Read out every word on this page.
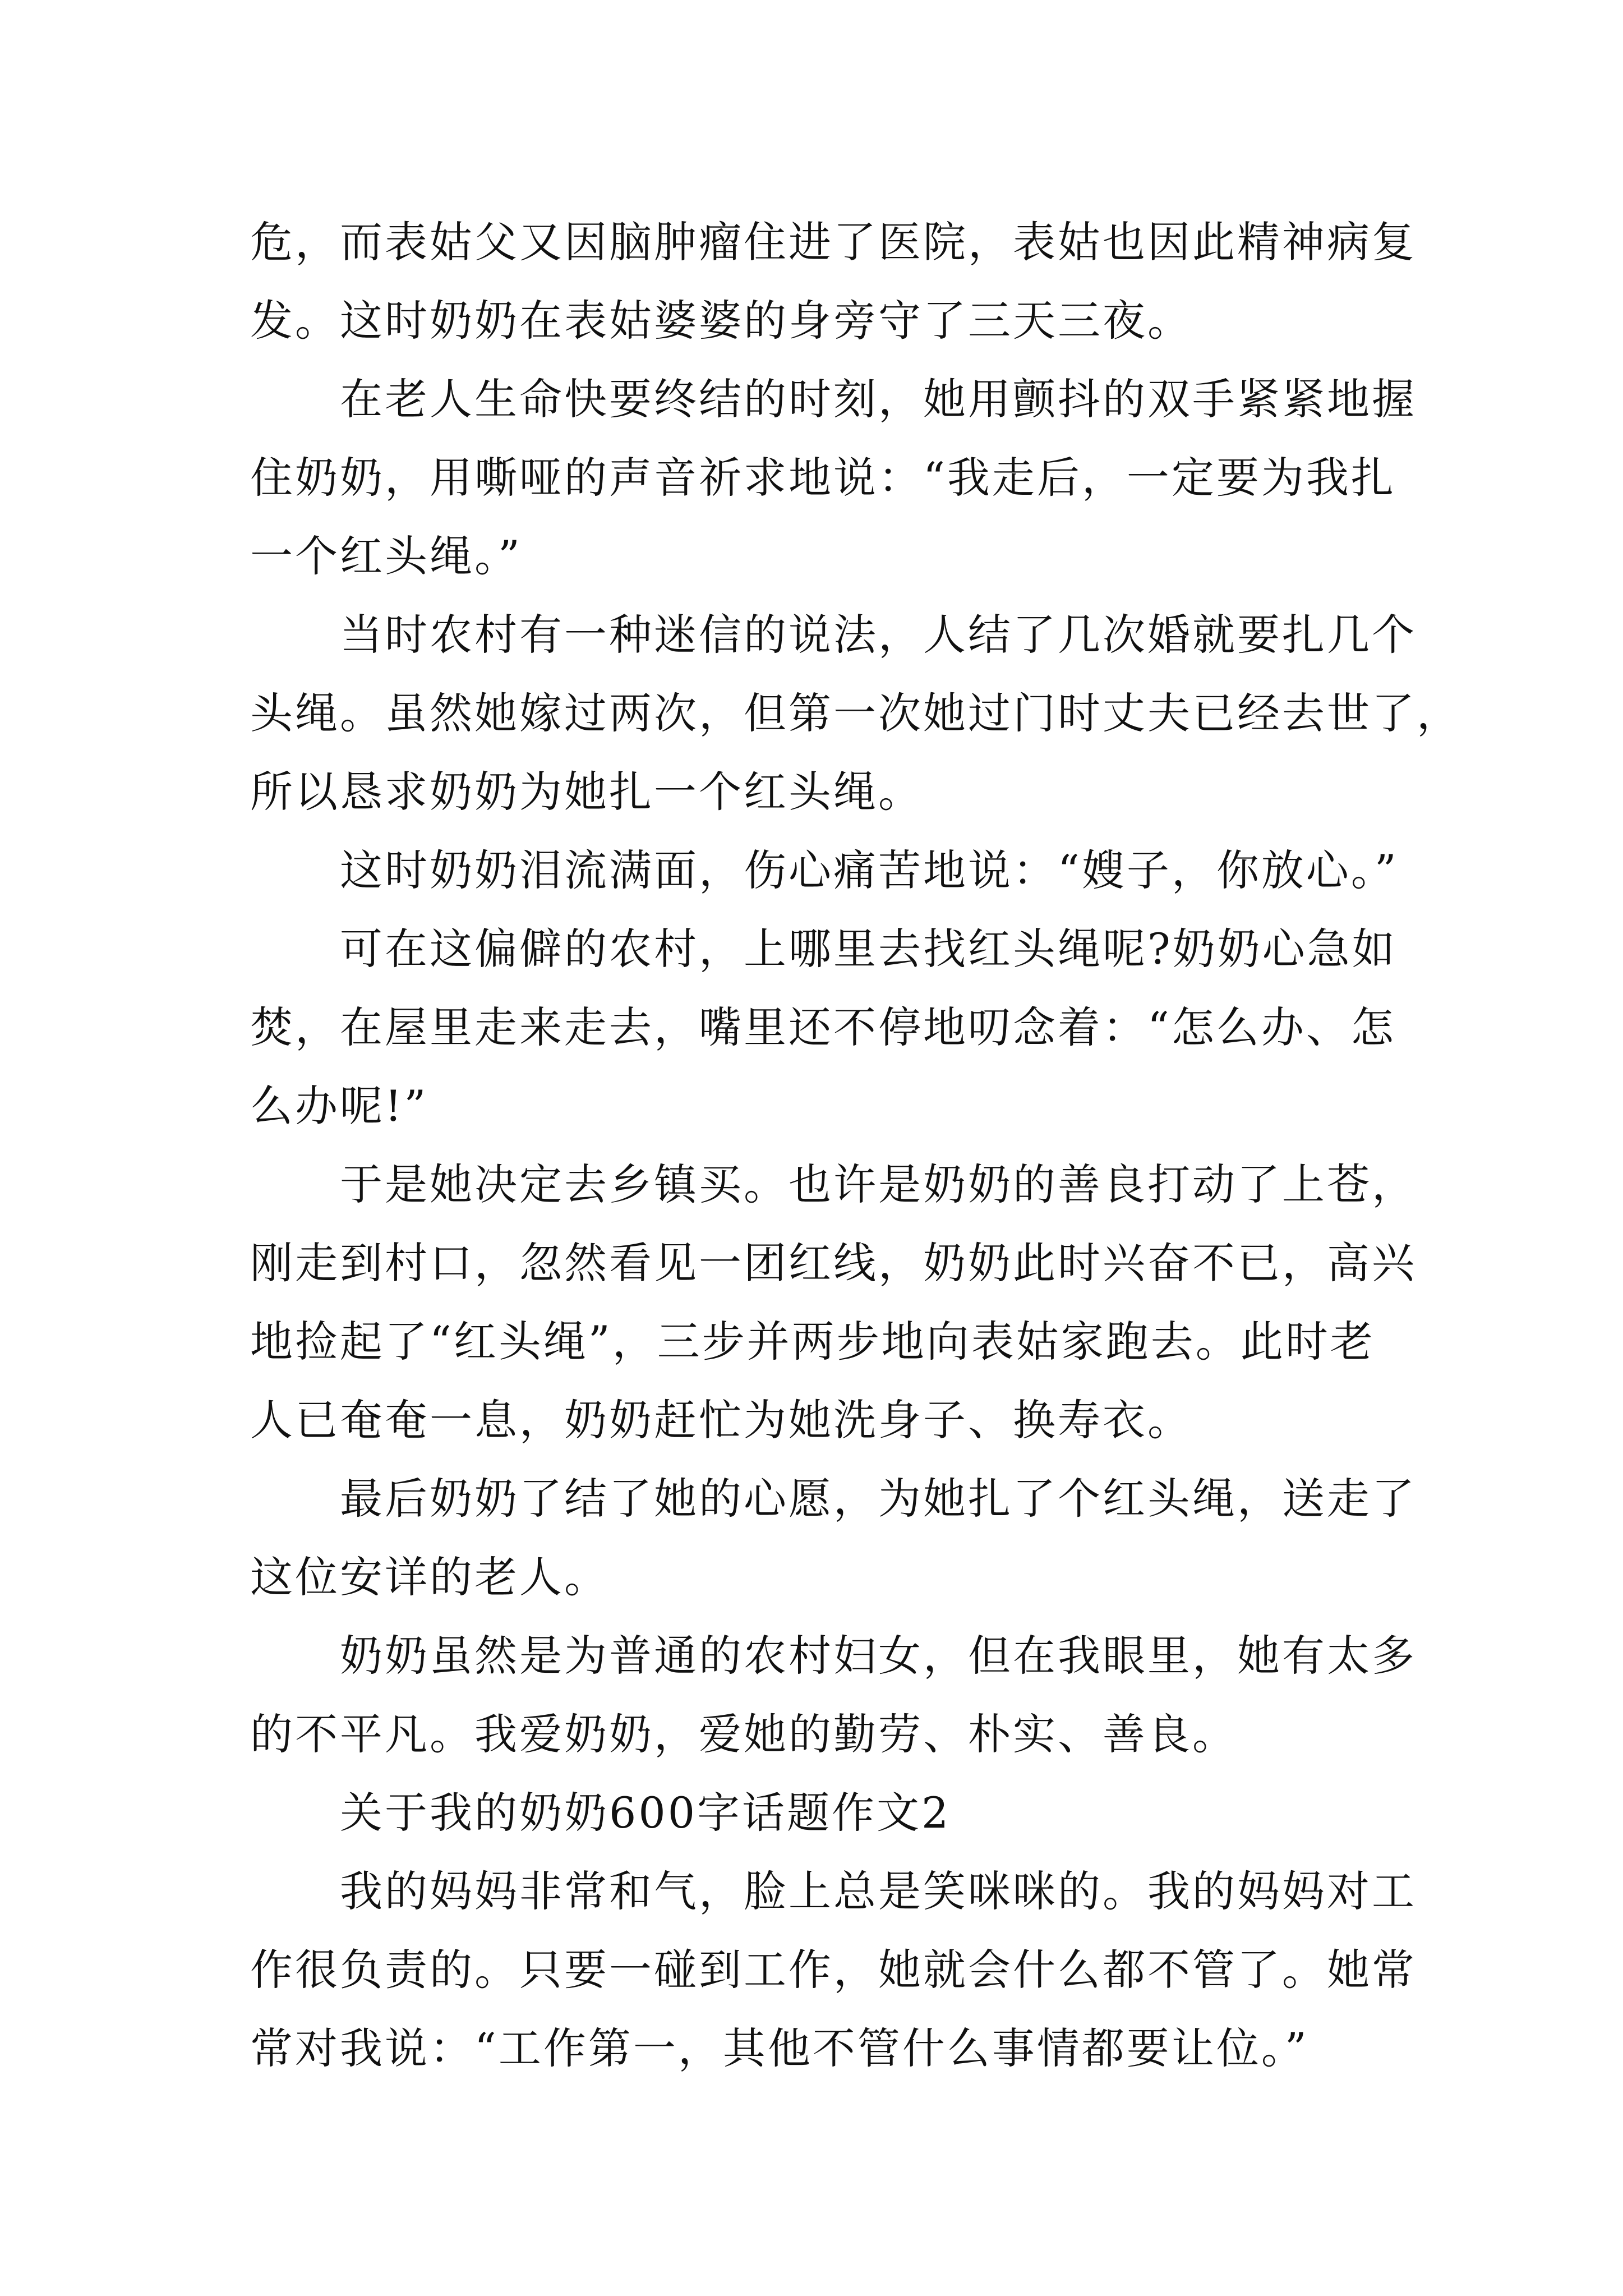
危，而表姑父又因脑肿瘤住进了医院，表姑也因此精神病复
发。这时奶奶在表姑婆婆的身旁守了三天三夜。
在老人生命快要终结的时刻，她用颤抖的双手紧紧地握
住奶奶，用嘶哑的声音祈求地说：“我走后，一定要为我扎
一个红头绳。”
当时农村有一种迷信的说法，人结了几次婚就要扎几个
头绳。虽然她嫁过两次，但第一次她过门时丈夫已经去世了，
所以恳求奶奶为她扎一个红头绳。
这时奶奶泪流满面，伤心痛苦地说：“嫂子，你放心。”
可在这偏僻的农村，上哪里去找红头绳呢?奶奶心急如
焚，在屋里走来走去，嘴里还不停地叨念着：“怎么办、怎
么办呢!”
于是她决定去乡镇买。也许是奶奶的善良打动了上苍，
刚走到村口，忽然看见一团红线，奶奶此时兴奋不已，高兴
地捡起了“红头绳”，三步并两步地向表姑家跑去。此时老
人已奄奄一息，奶奶赶忙为她洗身子、换寿衣。
最后奶奶了结了她的心愿，为她扎了个红头绳，送走了
这位安详的老人。
奶奶虽然是为普通的农村妇女，但在我眼里，她有太多
的不平凡。我爱奶奶，爱她的勤劳、朴实、善良。
关于我的奶奶600字话题作文2
我的妈妈非常和气，脸上总是笑咪咪的。我的妈妈对工
作很负责的。只要一碰到工作，她就会什么都不管了。她常
常对我说：“工作第一，其他不管什么事情都要让位。”
